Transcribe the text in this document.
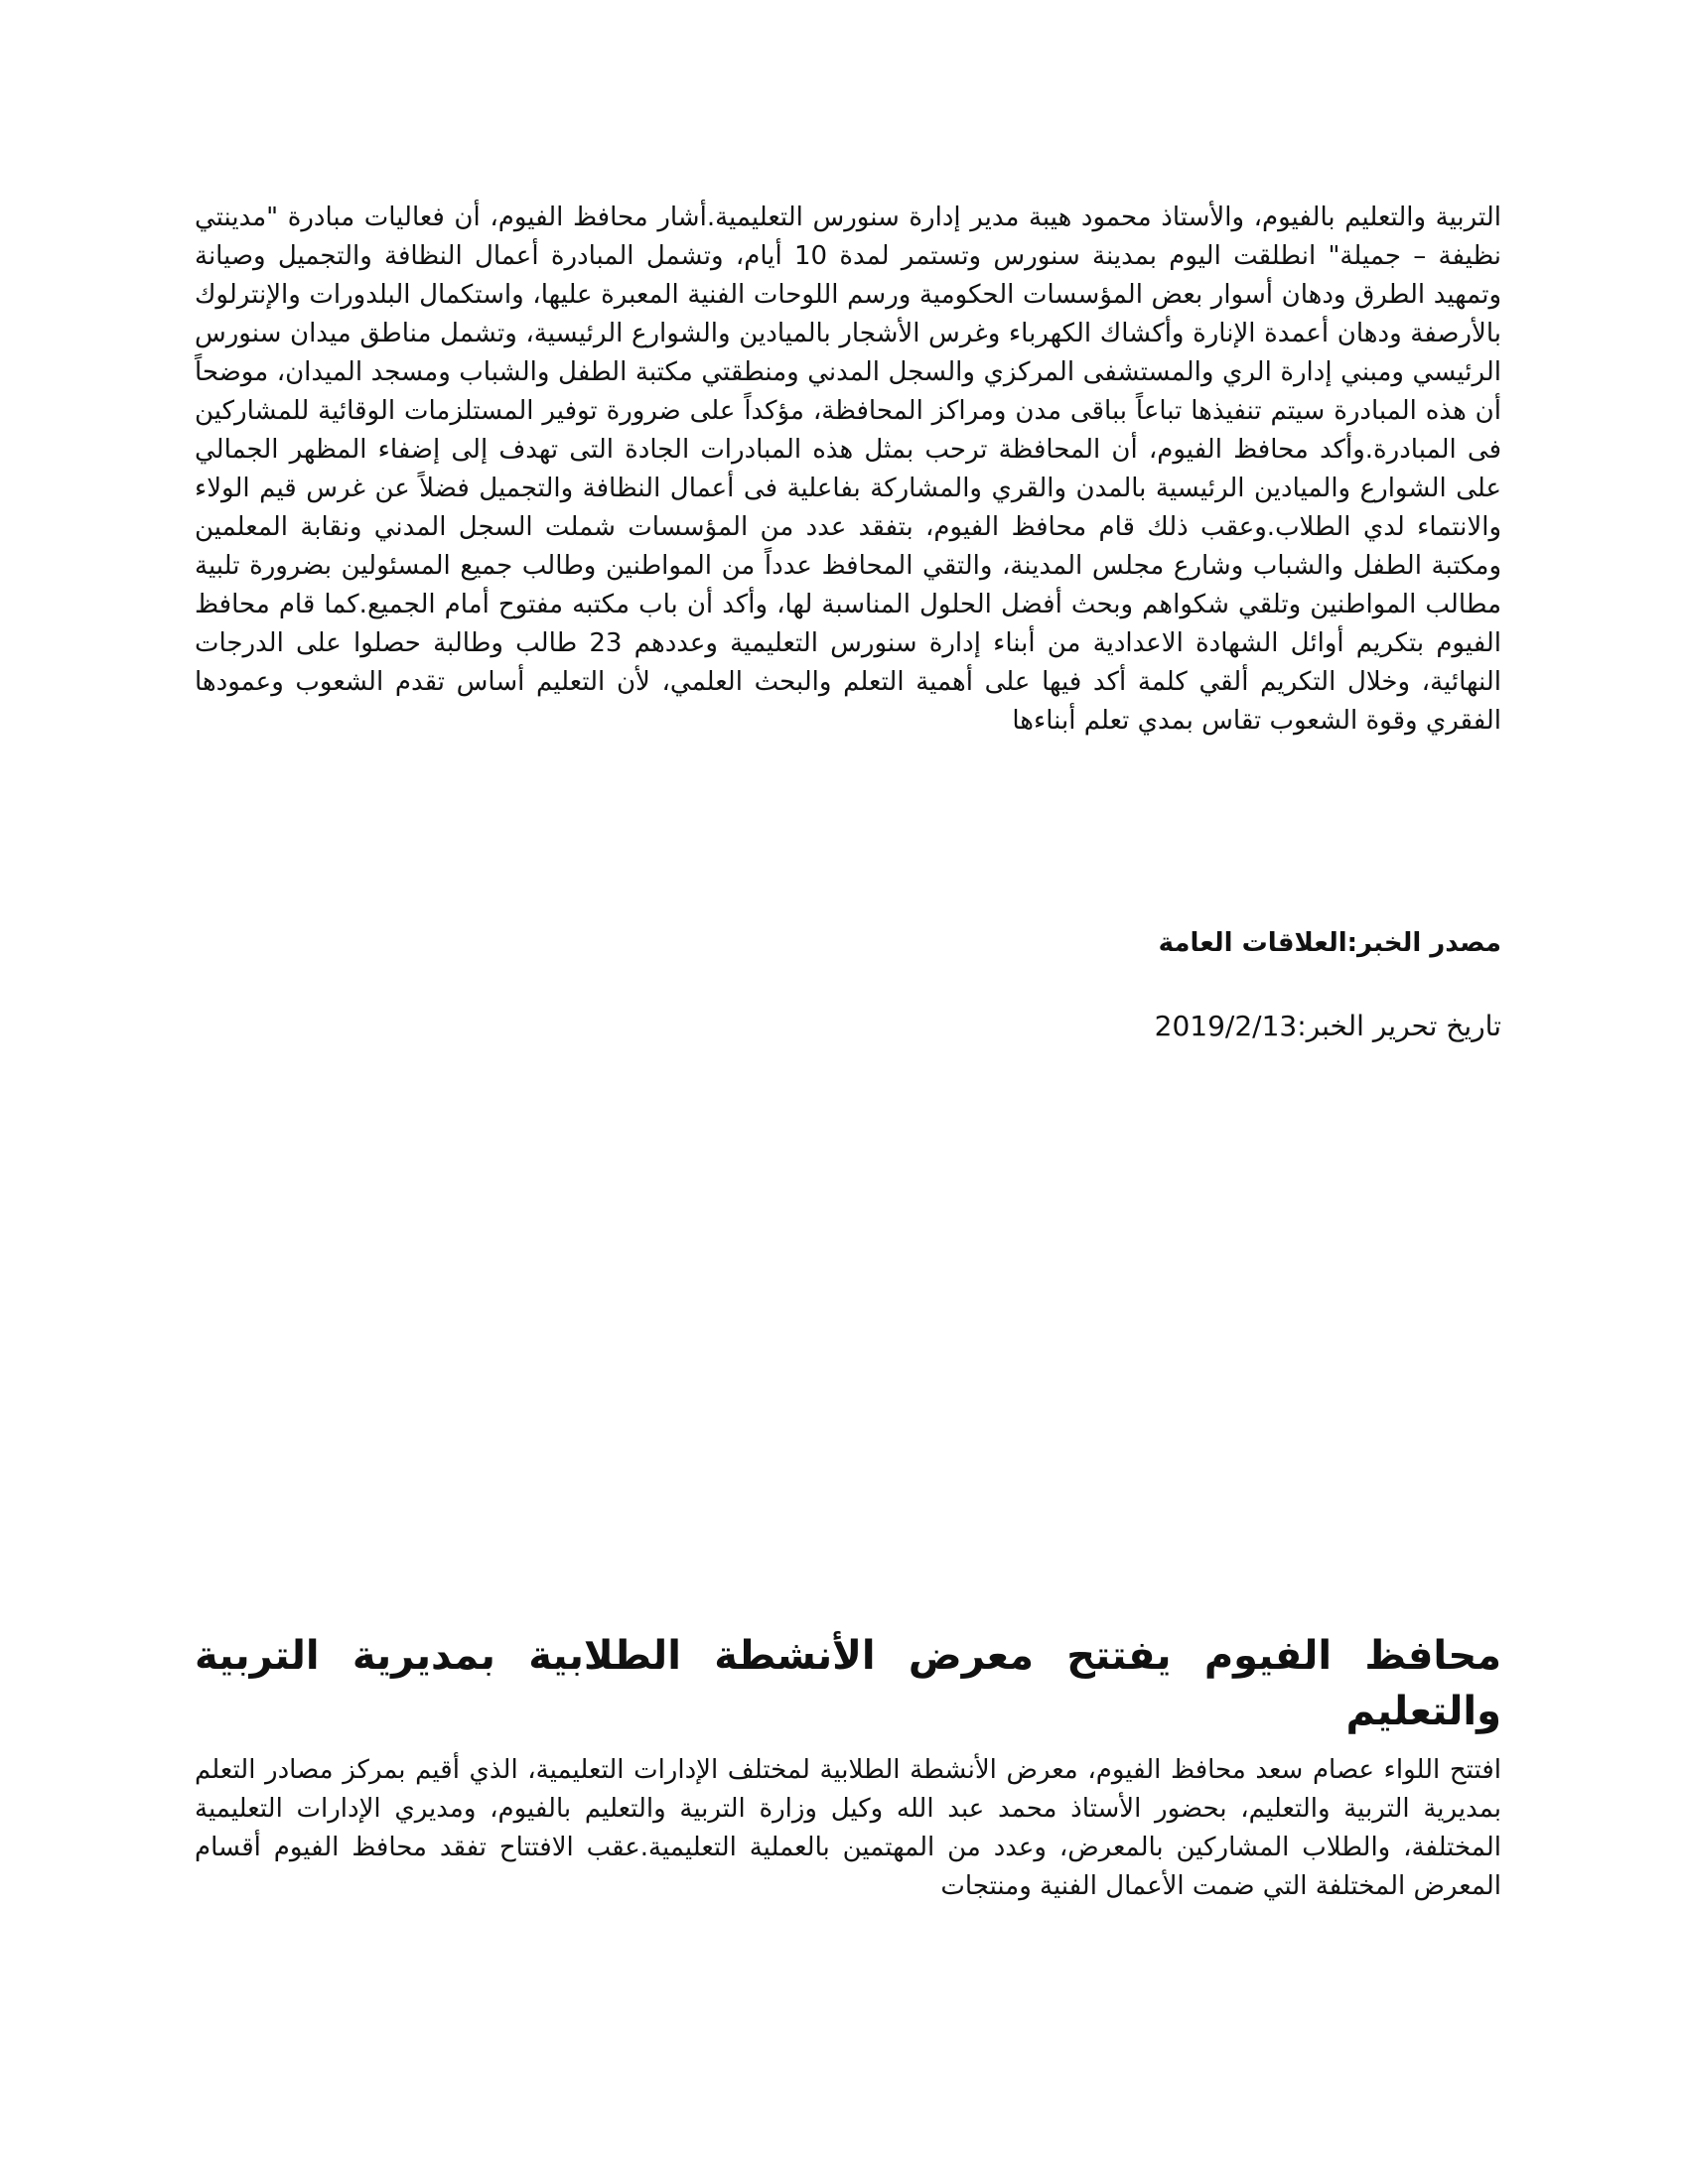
التربية والتعليم بالفيوم، والأستاذ محمود هيبة مدير إدارة سنورس التعليمية.أشار محافظ الفيوم، أن فعاليات مبادرة "مدينتي نظيفة – جميلة" انطلقت اليوم بمدينة سنورس وتستمر لمدة 10 أيام، وتشمل المبادرة أعمال النظافة والتجميل وصيانة وتمهيد الطرق ودهان أسوار بعض المؤسسات الحكومية ورسم اللوحات الفنية المعبرة عليها، واستكمال البلدورات والإنترلوك بالأرصفة ودهان أعمدة الإنارة وأكشاك الكهرباء وغرس الأشجار بالميادين والشوارع الرئيسية، وتشمل مناطق ميدان سنورس الرئيسي ومبني إدارة الري والمستشفى المركزي والسجل المدني ومنطقتي مكتبة الطفل والشباب ومسجد الميدان، موضحاً أن هذه المبادرة سيتم تنفيذها تباعاً بباقى مدن ومراكز المحافظة، مؤكداً على ضرورة توفير المستلزمات الوقائية للمشاركين فى المبادرة.وأكد محافظ الفيوم، أن المحافظة ترحب بمثل هذه المبادرات الجادة التى تهدف إلى إضفاء المظهر الجمالي على الشوارع والميادين الرئيسية بالمدن والقري والمشاركة بفاعلية فى أعمال النظافة والتجميل فضلاً عن غرس قيم الولاء والانتماء لدي الطلاب.وعقب ذلك قام محافظ الفيوم، بتفقد عدد من المؤسسات شملت السجل المدني ونقابة المعلمين ومكتبة الطفل والشباب وشارع مجلس المدينة، والتقي المحافظ عدداً من المواطنين وطالب جميع المسئولين بضرورة تلبية مطالب المواطنين وتلقي شكواهم وبحث أفضل الحلول المناسبة لها، وأكد أن باب مكتبه مفتوح أمام الجميع.كما قام محافظ الفيوم بتكريم أوائل الشهادة الاعدادية من أبناء إدارة سنورس التعليمية وعددهم 23 طالب وطالبة حصلوا على الدرجات النهائية، وخلال التكريم ألقي كلمة أكد فيها على أهمية التعلم والبحث العلمي، لأن التعليم أساس تقدم الشعوب وعمودها الفقري وقوة الشعوب تقاس بمدي تعلم أبناءها

مصدر الخبر:العلاقات العامة

تاريخ تحرير الخبر:2019/2/13

محافظ الفيوم يفتتح معرض الأنشطة الطلابية بمديرية التربية والتعليم

افتتح اللواء عصام سعد محافظ الفيوم، معرض الأنشطة الطلابية لمختلف الإدارات التعليمية، الذي أقيم بمركز مصادر التعلم بمديرية التربية والتعليم، بحضور الأستاذ محمد عبد الله وكيل وزارة التربية والتعليم بالفيوم، ومديري الإدارات التعليمية المختلفة، والطلاب المشاركين بالمعرض، وعدد من المهتمين بالعملية التعليمية.عقب الافتتاح تفقد محافظ الفيوم أقسام المعرض المختلفة التي ضمت الأعمال الفنية ومنتجات
